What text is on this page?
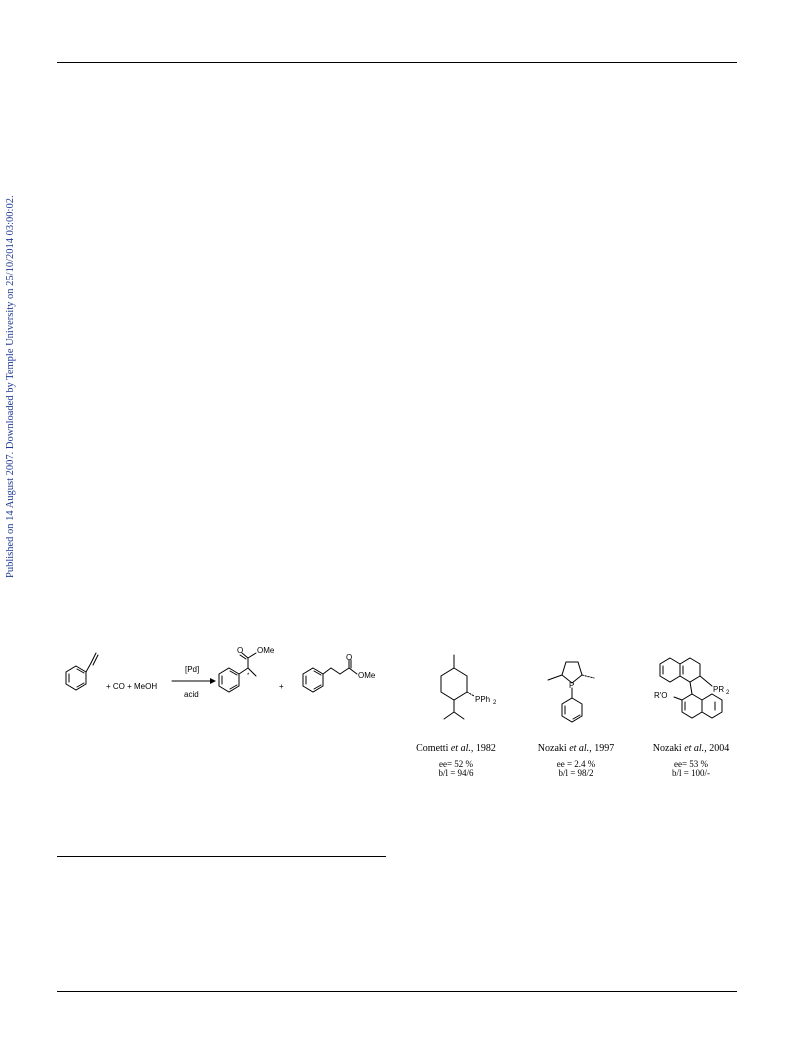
Published on 14 August 2007. Downloaded by Temple University on 25/10/2014 03:00:02.
+ CO + MeOH
[Pd]
acid
O OMe
*
+
O
OMe
PPh 2
P	PR 2
R'O
Cometti et al., 1982
ee= 52 %
b/l = 94/6
Nozaki et al., 1997
ee = 2.4 %
b/l = 98/2
Nozaki et al., 2004
ee= 53 %
b/l = 100/-
